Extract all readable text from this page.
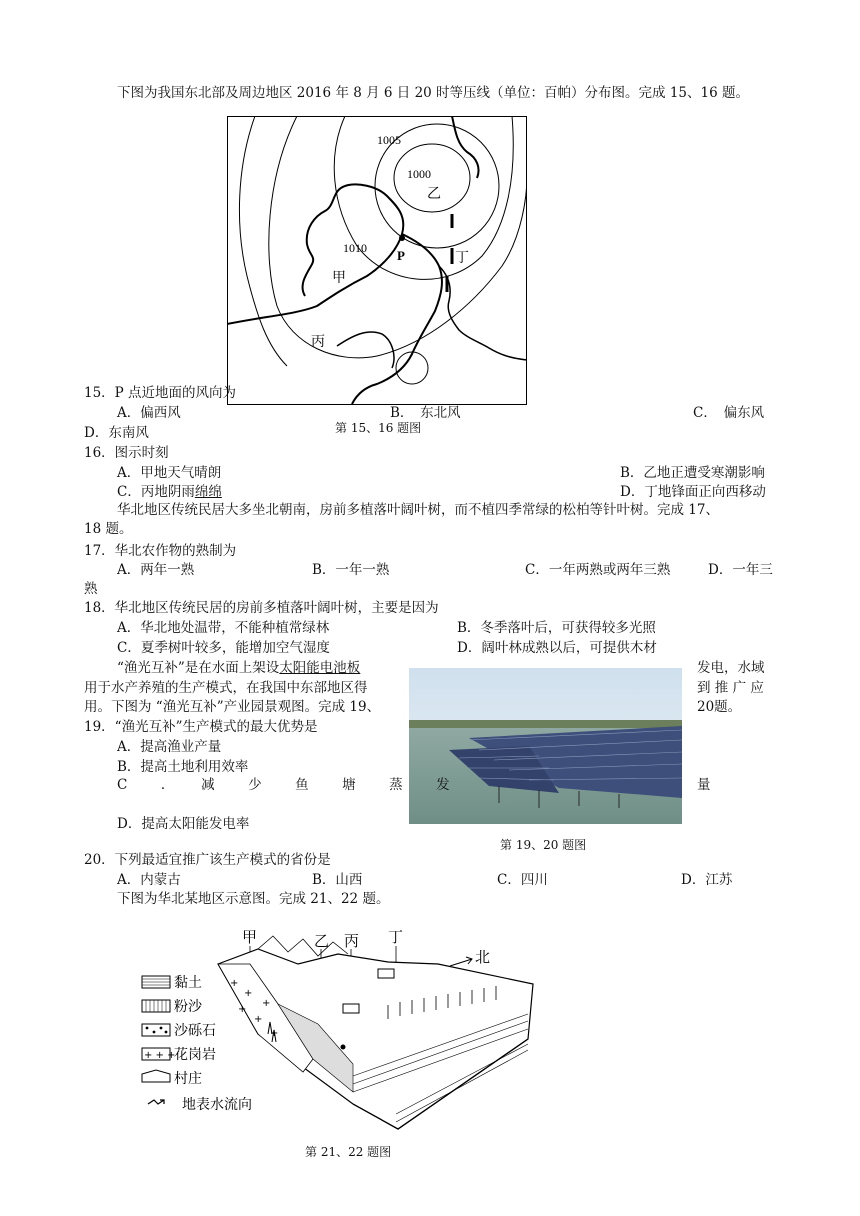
下图为我国东北部及周边地区 2016 年 8 月 6 日 20 时等压线（单位：百帕）分布图。完成 15、16 题。
1005
1000
1010
乙
丁
P
甲
丙
15．P 点近地面的风向为
A．偏西风	B．　东北风	C．　偏东风
D．东南风	第 15、16 题图
16．图示时刻
A．甲地天气晴朗	B．乙地正遭受寒潮影响
C．丙地阴雨绵绵	D．丁地锋面正向西移动
华北地区传统民居大多坐北朝南，房前多植落叶阔叶树，而不植四季常绿的松柏等针叶树。完成 17、
18 题。
17．华北农作物的熟制为
A．两年一熟	B．一年一熟	C．一年两熟或两年三熟	D．一年三
熟
18．华北地区传统民居的房前多植落叶阔叶树，主要是因为
A．华北地处温带，不能种植常绿林	B．冬季落叶后，可获得较多光照
C．夏季树叶较多，能增加空气湿度	D．阔叶林成熟以后，可提供木材
“渔光互补”是在水面上架设太阳能电池板	发电，水域
用于水产养殖的生产模式，在我国中东部地区得	到 推 广 应
用。下图为 “渔光互补”产业园景观图。完成 19、	20题。
19．“渔光互补”生产模式的最大优势是
A．提高渔业产量
B．提高土地利用效率
C　．　减　少　鱼　塘　蒸　发	量
D．提高太阳能发电率
第 19、20 题图
20．下列最适宜推广该生产模式的省份是
A．内蒙古	B．山西	C．四川	D．江苏
下图为华北某地区示意图。完成 21、22 题。
甲	乙 丙 丁
北
+
+
+
+
+
+
黏土
粉沙
沙砾石
+ + +
花岗岩
村庄
地表水流向
第 21、22 题图
